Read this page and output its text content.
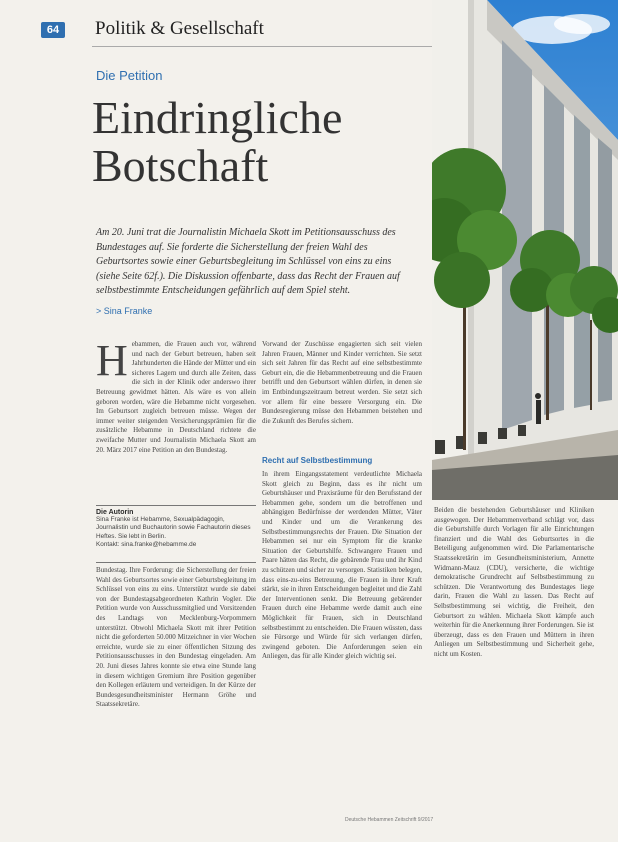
64	Politik & Gesellschaft
Die Petition
Eindringliche
Botschaft
Am 20. Juni trat die Journalistin Michaela Skott im Petitionsausschuss des Bundestages auf. Sie forderte die Sicherstellung der freien Wahl des Geburtsortes sowie einer Geburtsbegleitung im Schlüssel von eins zu eins (siehe Seite 62f.). Die Diskussion offenbarte, dass das Recht der Frauen auf selbstbestimmte Entscheidungen gefährlich auf dem Spiel steht.
> Sina Franke
H ebammen, die Frauen auch vor, während und nach der Geburt betreuen, haben seit Jahrhunderten die Hände der Mütter und ein sicheres Lagern und durch alle Zeiten, dass die sich in der Klinik oder anderswo ihrer Betreuung gewidmet hätten. Als wäre es von allein geboren worden, wäre die Hebamme nicht vorgesehen. Im Geburtsort zugleich betreuen müsse. Wegen der immer weiter steigenden Versicherungsprämien für die zusätzliche Hebamme in Deutschland richtete die zweifache Mutter und Journalistin Michaela Skott am 20. März 2017 eine Petition an den Bundestag.
Die Autorin
Sina Franke ist Hebamme, Sexualpädagogin, Journalistin und Buchautorin sowie Fachautorin dieses Heftes. Sie lebt in Berlin.
Kontakt: sina.franke@hebamme.de
Bundestag. Ihre Forderung: die Sicherstellung der freien Wahl des Geburtsortes sowie einer Geburtsbegleitung im Schlüssel von eins zu eins. Unterstützt wurde sie dabei von der Bundestagsabgeordneten Kathrin Vogler. Die Petition wurde von Ausschussmitglied und Vorsitzenden des Landtags von Mecklenburg-Vorpommern unterstützt. Obwohl Michaela Skott mit ihrer Petition nicht die geforderten 50.000 Mitzeichner in vier Wochen erreichte, wurde sie zu einer öffentlichen Sitzung des Petitionsausschusses in den Bundestag eingeladen. Am 20. Juni dieses Jahres konnte sie etwa eine Stunde lang in diesem wichtigen Gremium ihre Position gegenüber den Kollegen erläutern und verteidigen. In der Kürze der Bundesgesundheitsminister Hermann Gröhe und Staatssekretäre.
Vorwand der Zuschüsse engagierten sich seit vielen Jahren Frauen, Männer und Kinder verrichten. Sie setzt sich seit Jahren für das Recht auf eine selbstbestimmte Geburt ein, die die Hebammenbetreuung und die Frauen betrifft und den Geburtsort wählen dürfen, in denen sie im Entbindungszeitraum betreut werden. Sie setzt sich vor allem für eine bessere Versorgung ein. Die Bundesregierung müsse den Hebammen beistehen und die Zukunft des Berufes sichern.
Recht auf Selbstbestimmung
In ihrem Eingangsstatement verdeutlichte Michaela Skott gleich zu Beginn, dass es ihr nicht um Geburtshäuser und Praxisräume für den Berufsstand der Hebammen gehe, sondern um die betroffenen und abhängigen Bedürfnisse der werdenden Mütter, Väter und Kinder und um die Verankerung des Selbstbestimmungsrechts der Frauen. Die Situation der Hebammen sei nur ein Symptom für die kranke Situation der Geburtshilfe. Schwangere Frauen und Paare hätten das Recht, die gebärende Frau und ihr Kind zu schützen und sicher zu versorgen. Statistiken belegen, dass eins-zu-eins Betreuung, die Frauen in ihrer Kraft stärkt, sie in ihren Entscheidungen begleitet und die Zahl der Interventionen senkt. Die Betreuung gebärender Frauen durch eine Hebamme werde damit auch eine Möglichkeit für Frauen, sich in Deutschland selbstbestimmt zu entscheiden. Die Frauen wüssten, dass sie Fürsorge und Würde für sich verlangen dürfen, zwingend geboten. Die Anforderungen seien ein Anliegen, das für alle Kinder gleich wichtig sei.
Beiden die bestehenden Geburtshäuser und Kliniken ausgewogen. Der Hebammenverband schlägt vor, dass die Geburtshilfe durch Vorlagen für alle Einrichtungen finanziert und die Wahl des Geburtsortes in die Beteiligung aufgenommen wird. Die Parlamentarische Staatssekretärin im Gesundheitsministerium, Annette Widmann-Mauz (CDU), versicherte, die wichtige demokratische Grundrecht auf Selbstbestimmung zu schützen. Die Verantwortung des Bundestages liege darin, Frauen die Wahl zu lassen. Das Recht auf Selbstbestimmung sei wichtig, die Freiheit, den Geburtsort zu wählen. Michaela Skott kämpfe auch weiterhin für die Anerkennung ihrer Forderungen. Sie ist überzeugt, dass es den Frauen und Müttern in ihren Anliegen um Selbstbestimmung und Sicherheit gehe, nicht um Kosten.
Deutsche Hebammen Zeitschrift 9/2017
